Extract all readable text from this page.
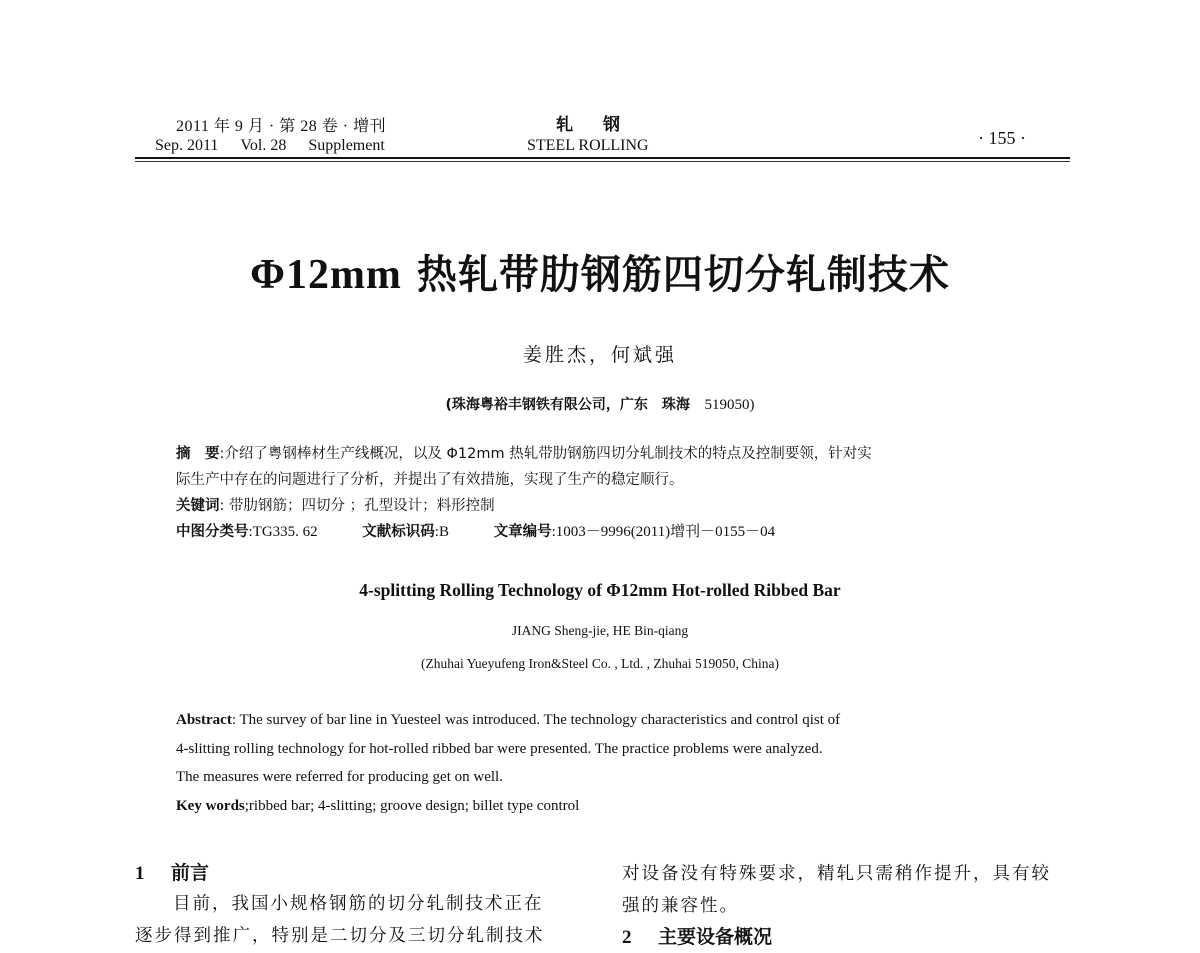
2011 年 9 月 · 第 28 卷 · 增刊
Sep. 2011 Vol. 28 Supplement
轧钢
STEEL ROLLING	· 155 ·
Φ12mm 热轧带肋钢筋四切分轧制技术
姜胜杰，何斌强
(珠海粤裕丰钢铁有限公司，广东　珠海 519050)
摘　要:介绍了粤钢棒材生产线概况，以及 Φ12mm 热轧带肋钢筋四切分轧制技术的特点及控制要领，针对实
际生产中存在的问题进行了分析，并提出了有效措施，实现了生产的稳定顺行。
关键词: 带肋钢筋；四切分 ；孔型设计；料形控制
中图分类号:TG335. 62	文献标识码:B	文章编号:1003－9996(2011)增刊－0155－04
4-splitting Rolling Technology of Φ12mm Hot-rolled Ribbed Bar
JIANG Sheng-jie, HE Bin-qiang
(Zhuhai Yueyufeng Iron&Steel Co. , Ltd. , Zhuhai 519050, China)
Abstract: The survey of bar line in Yuesteel was introduced. The technology characteristics and control qist of
4-slitting rolling technology for hot-rolled ribbed bar were presented. The practice problems were analyzed.
The measures were referred for producing get on well.
Key words;ribbed bar; 4-slitting; groove design; billet type control
1 前言
目前，我国小规格钢筋的切分轧制技术正在
逐步得到推广，特别是二切分及三切分轧制技术
对设备没有特殊要求，精轧只需稍作提升，具有较
强的兼容性。
2 主要设备概况
